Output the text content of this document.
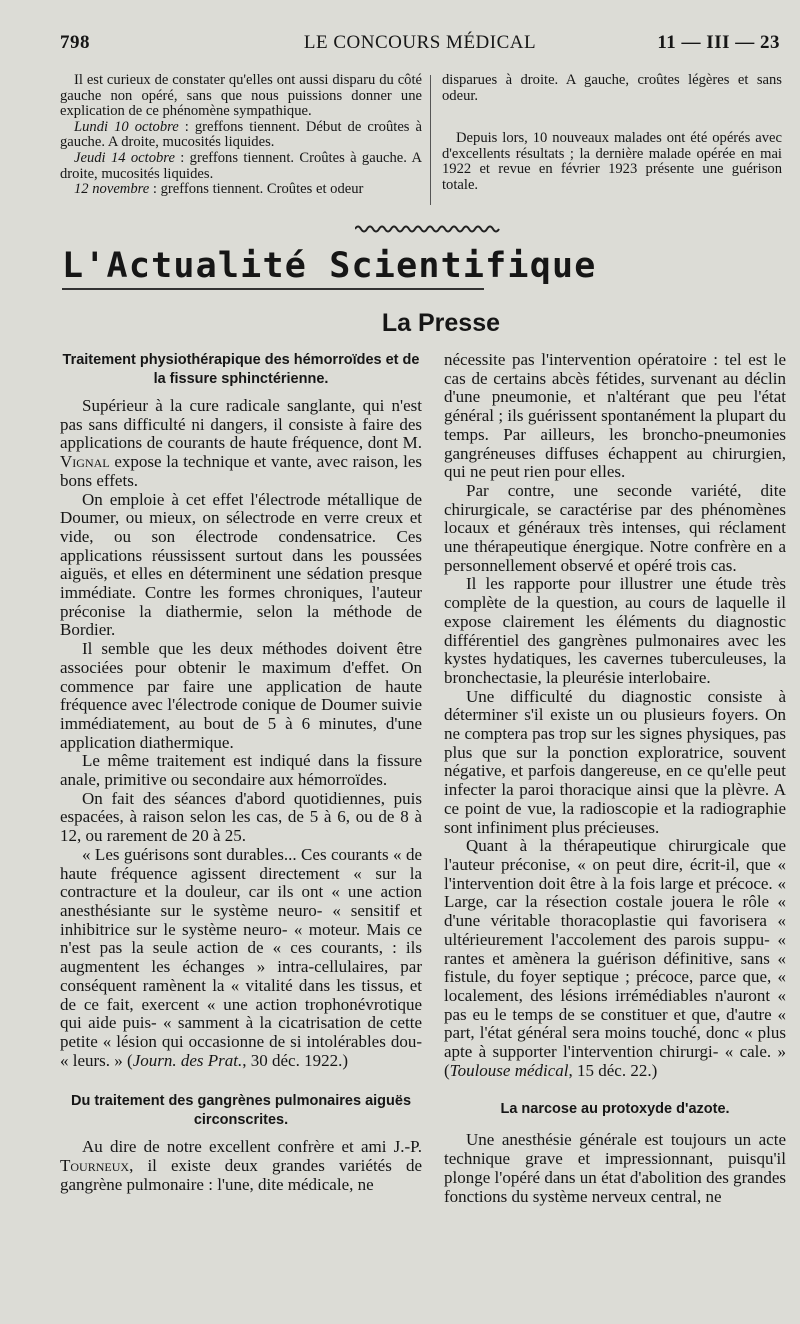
798	LE CONCOURS MÉDICAL	11 — III — 23

Il est curieux de constater qu'elles ont aussi disparu du côté gauche non opéré, sans que nous puissions donner une explication de ce phénomène sympathique.

Lundi 10 octobre : greffons tiennent. Début de croûtes à gauche. A droite, mucosités liquides.

Jeudi 14 octobre : greffons tiennent. Croûtes à gauche. A droite, mucosités liquides.

12 novembre : greffons tiennent. Croûtes et odeur

disparues à droite. A gauche, croûtes légères et sans odeur.

Depuis lors, 10 nouveaux malades ont été opérés avec d'excellents résultats ; la dernière malade opérée en mai 1922 et revue en février 1923 présente une guérison totale.

L'Actualité Scientifique
La Presse
Traitement physiothérapique des hémorroïdes et de la fissure sphinctérienne.

Supérieur à la cure radicale sanglante, qui n'est pas sans difficulté ni dangers, il consiste à faire des applications de courants de haute fréquence, dont M. Vignal expose la technique et vante, avec raison, les bons effets.

On emploie à cet effet l'électrode métallique de Doumer, ou mieux, on sélectrode en verre creux et vide, ou son électrode condensatrice. Ces applications réussissent surtout dans les poussées aiguës, et elles en déterminent une sédation presque immédiate. Contre les formes chroniques, l'auteur préconise la diathermie, selon la méthode de Bordier.

Il semble que les deux méthodes doivent être associées pour obtenir le maximum d'effet. On commence par faire une application de haute fréquence avec l'électrode conique de Doumer suivie immédiatement, au bout de 5 à 6 minutes, d'une application diathermique.

Le même traitement est indiqué dans la fissure anale, primitive ou secondaire aux hémorroïdes.

On fait des séances d'abord quotidiennes, puis espacées, à raison selon les cas, de 5 à 6, ou de 8 à 12, ou rarement de 20 à 25.

« Les guérisons sont durables... Ces courants « de haute fréquence agissent directement « sur la contracture et la douleur, car ils ont « une action anesthésiante sur le système neuro- « sensitif et inhibitrice sur le système neuro- « moteur. Mais ce n'est pas la seule action de « ces courants, : ils augmentent les échanges » intra-cellulaires, par conséquent ramènent la « vitalité dans les tissus, et de ce fait, exercent « une action trophonévrotique qui aide puis- « samment à la cicatrisation de cette petite « lésion qui occasionne de si intolérables dou- « leurs. » (Journ. des Prat., 30 déc. 1922.)

Du traitement des gangrènes pulmonaires aiguës circonscrites.

Au dire de notre excellent confrère et ami J.-P. Tourneux, il existe deux grandes variétés de gangrène pulmonaire : l'une, dite médicale, ne

nécessite pas l'intervention opératoire : tel est le cas de certains abcès fétides, survenant au déclin d'une pneumonie, et n'altérant que peu l'état général ; ils guérissent spontanément la plupart du temps. Par ailleurs, les broncho-pneumonies gangréneuses diffuses échappent au chirurgien, qui ne peut rien pour elles.

Par contre, une seconde variété, dite chirurgicale, se caractérise par des phénomènes locaux et généraux très intenses, qui réclament une thérapeutique énergique. Notre confrère en a personnellement observé et opéré trois cas.

Il les rapporte pour illustrer une étude très complète de la question, au cours de laquelle il expose clairement les éléments du diagnostic différentiel des gangrènes pulmonaires avec les kystes hydatiques, les cavernes tuberculeuses, la bronchectasie, la pleurésie interlobaire.

Une difficulté du diagnostic consiste à déterminer s'il existe un ou plusieurs foyers. On ne comptera pas trop sur les signes physiques, pas plus que sur la ponction exploratrice, souvent négative, et parfois dangereuse, en ce qu'elle peut infecter la paroi thoracique ainsi que la plèvre. A ce point de vue, la radioscopie et la radiographie sont infiniment plus précieuses.

Quant à la thérapeutique chirurgicale que l'auteur préconise, « on peut dire, écrit-il, que « l'intervention doit être à la fois large et précoce. « Large, car la résection costale jouera le rôle « d'une véritable thoracoplastie qui favorisera « ultérieurement l'accolement des parois suppu- « rantes et amènera la guérison définitive, sans « fistule, du foyer septique ; précoce, parce que, « localement, des lésions irrémédiables n'auront « pas eu le temps de se constituer et que, d'autre « part, l'état général sera moins touché, donc « plus apte à supporter l'intervention chirurgi- « cale. » (Toulouse médical, 15 déc. 22.)

La narcose au protoxyde d'azote.

Une anesthésie générale est toujours un acte technique grave et impressionnant, puisqu'il plonge l'opéré dans un état d'abolition des grandes fonctions du système nerveux central, ne
